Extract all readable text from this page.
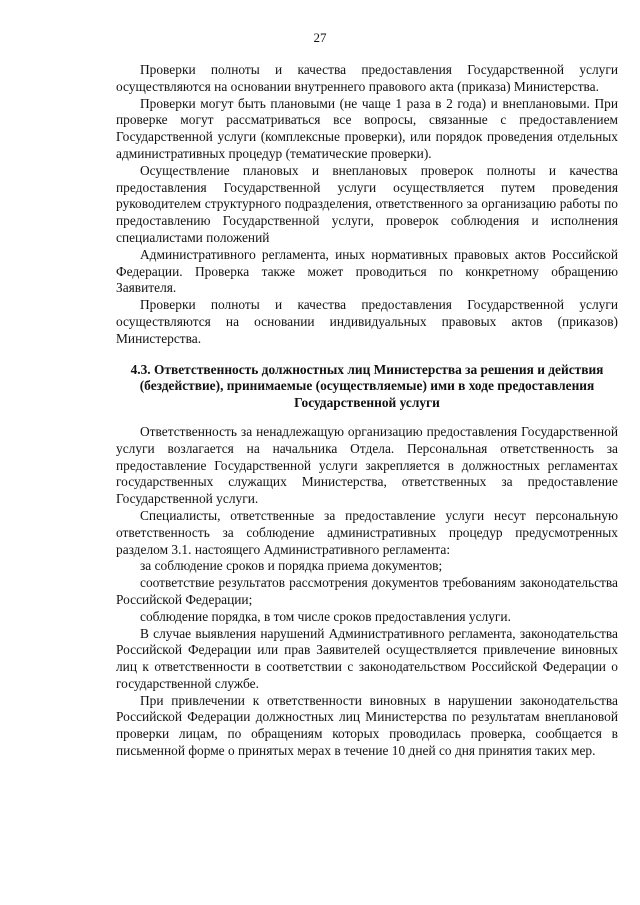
27

Проверки полноты и качества предоставления Государственной услуги осуществляются на основании внутреннего правового акта (приказа) Министерства.

Проверки могут быть плановыми (не чаще 1 раза в 2 года) и внеплановыми. При проверке могут рассматриваться все вопросы, связанные с предоставлением Государственной услуги (комплексные проверки), или порядок проведения отдельных административных процедур (тематические проверки).

Осуществление плановых и внеплановых проверок полноты и качества предоставления Государственной услуги осуществляется путем проведения руководителем структурного подразделения, ответственного за организацию работы по предоставлению Государственной услуги, проверок соблюдения и исполнения специалистами положений

Административного регламента, иных нормативных правовых актов Российской Федерации. Проверка также может проводиться по конкретному обращению Заявителя.

Проверки полноты и качества предоставления Государственной услуги осуществляются на основании индивидуальных правовых актов (приказов) Министерства.

4.3. Ответственность должностных лиц Министерства за решения и действия (бездействие), принимаемые (осуществляемые) ими в ходе предоставления Государственной услуги

Ответственность за ненадлежащую организацию предоставления Государственной услуги возлагается на начальника Отдела. Персональная ответственность за предоставление Государственной услуги закрепляется в должностных регламентах государственных служащих Министерства, ответственных за предоставление Государственной услуги.

Специалисты, ответственные за предоставление услуги несут персональную ответственность за соблюдение административных процедур предусмотренных разделом 3.1. настоящего Административного регламента:

за соблюдение сроков и порядка приема документов;

соответствие результатов рассмотрения документов требованиям законодательства Российской Федерации;

соблюдение порядка, в том числе сроков предоставления услуги.

В случае выявления нарушений Административного регламента, законодательства Российской Федерации или прав Заявителей осуществляется привлечение виновных лиц к ответственности в соответствии с законодательством Российской Федерации о государственной службе.

При привлечении к ответственности виновных в нарушении законодательства Российской Федерации должностных лиц Министерства по результатам внеплановой проверки лицам, по обращениям которых проводилась проверка, сообщается в письменной форме о принятых мерах в течение 10 дней со дня принятия таких мер.
